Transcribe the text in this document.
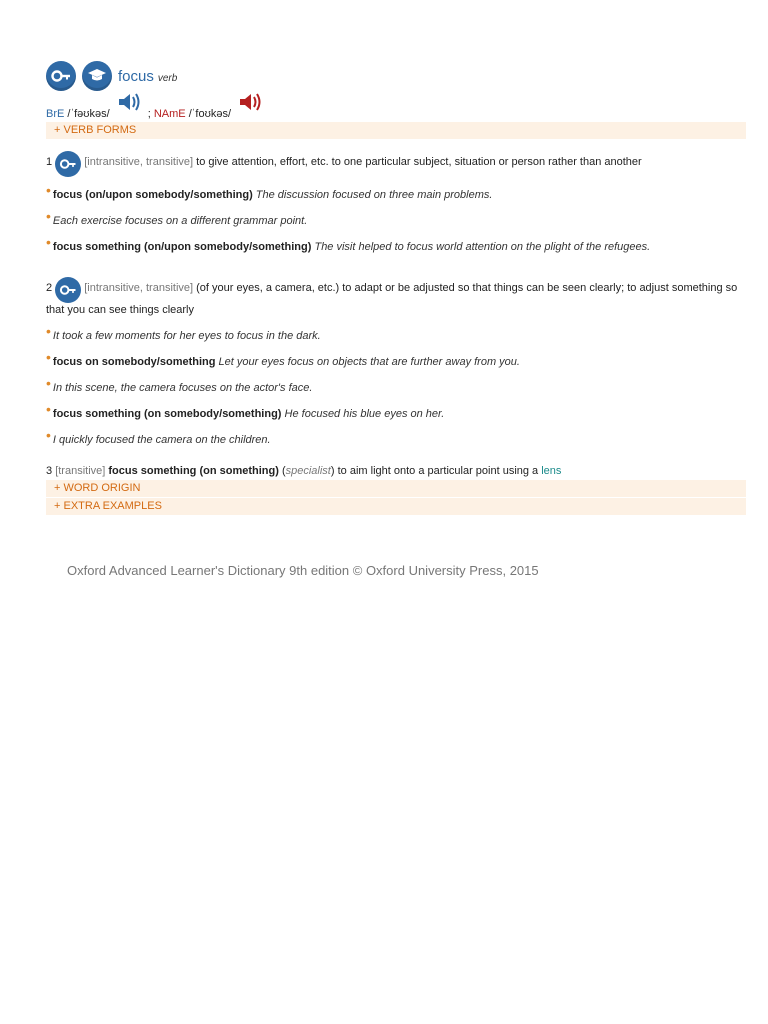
focus verb
BrE
/ˈfəʊkəs/	;
NAmE
/ˈfoʊkəs/
+ VERB FORMS
1	[intransitive, transitive] to give attention, effort, etc. to one particular subject, situation or person rather than another
• focus (on/upon somebody/something) The discussion focused on three main problems.
• Each exercise focuses on a different grammar point.
• focus something (on/upon somebody/something) The visit helped to focus world attention on the plight of the refugees.
2	[intransitive, transitive] (of your eyes, a camera, etc.) to adapt or be adjusted so that things can be seen clearly; to adjust something so that you can see things clearly
• It took a few moments for her eyes to focus in the dark.
• focus on somebody/something Let your eyes focus on objects that are further away from you.
• In this scene, the camera focuses on the actor's face.
• focus something (on somebody/something) He focused his blue eyes on her.
• I quickly focused the camera on the children.
3 [transitive] focus something (on something) (specialist) to aim light onto a particular point using a lens
+ WORD ORIGIN
+ EXTRA EXAMPLES
Oxford Advanced Learner's Dictionary 9th edition © Oxford University Press, 2015
